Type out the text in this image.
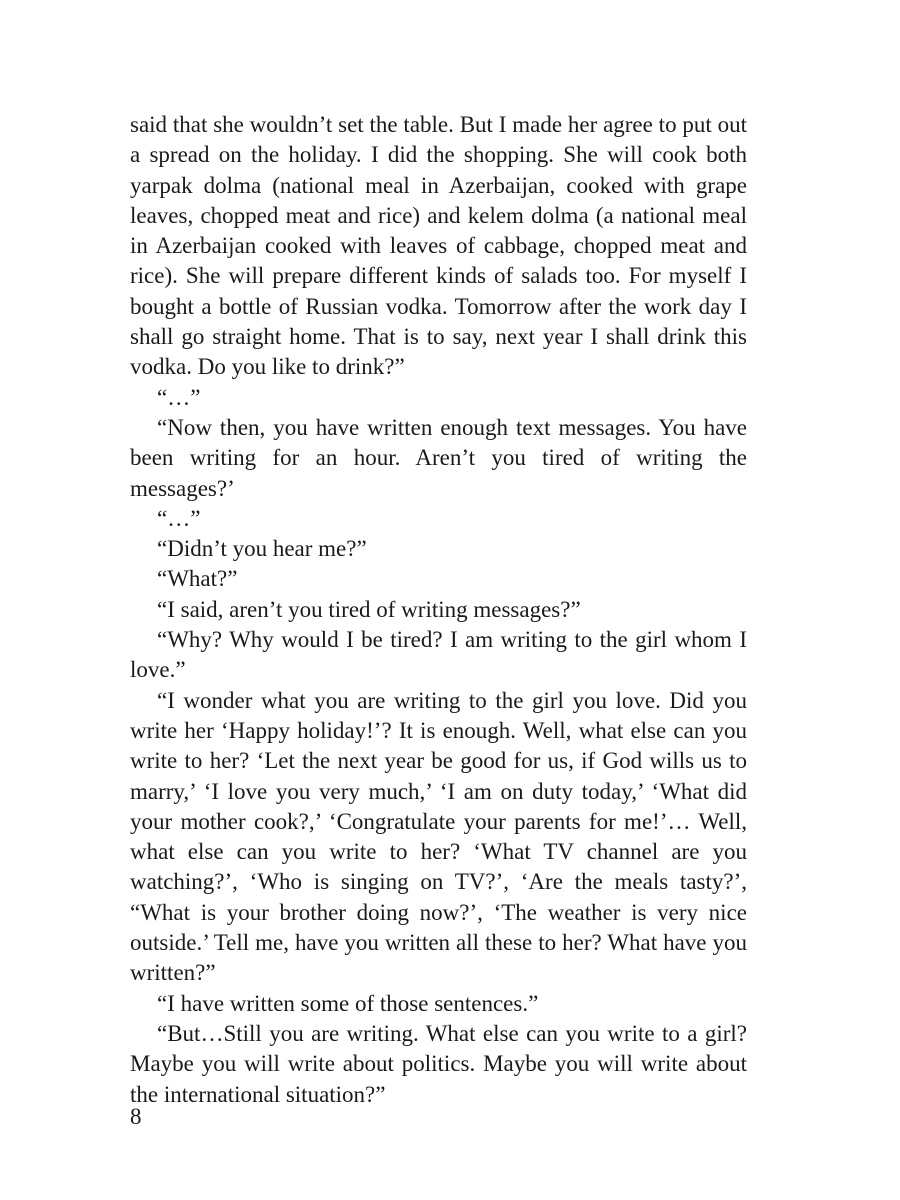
said that she wouldn’t set the table. But I made her agree to put out a spread on the holiday. I did the shopping. She will cook both yarpak dolma (national meal in Azerbaijan, cooked with grape leaves, chopped meat and rice) and kelem dolma (a national meal in Azerbaijan cooked with leaves of cabbage, chopped meat and rice). She will prepare different kinds of salads too. For myself I bought a bottle of Russian vodka. Tomorrow after the work day I shall go straight home. That is to say, next year I shall drink this vodka. Do you like to drink?”

“…”

“Now then, you have written enough text messages. You have been writing for an hour. Aren’t you tired of writing the messages?’

“…”

“Didn’t you hear me?”

“What?”

“I said, aren’t you tired of writing messages?”

“Why? Why would I be tired? I am writing to the girl whom I love.”

“I wonder what you are writing to the girl you love. Did you write her ‘Happy holiday!’? It is enough. Well, what else can you write to her? ‘Let the next year be good for us, if God wills us to marry,’ ‘I love you very much,’ ‘I am on duty today,’ ‘What did your mother cook?,’ ‘Congratulate your parents for me!’… Well, what else can you write to her? ‘What TV channel are you watching?’, ‘Who is singing on TV?’, ‘Are the meals tasty?’, “What is your brother doing now?’, ‘The weather is very nice outside.’ Tell me, have you written all these to her? What have you written?”

“I have written some of those sentences.”

“But…Still you are writing. What else can you write to a girl? Maybe you will write about politics. Maybe you will write about the international situation?”

8
